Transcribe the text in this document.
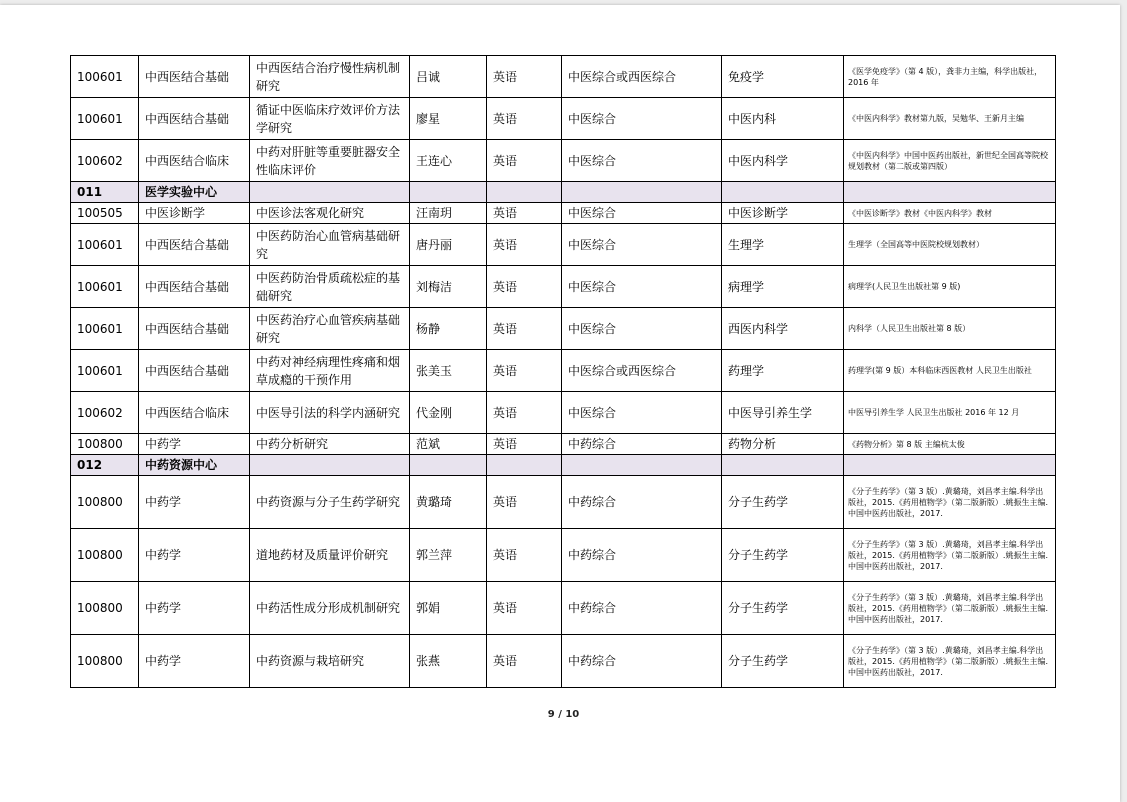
100601	中西医结合基础	中西医结合治疗慢性病机制研究	吕诚	英语	中医综合或西医综合	免疫学	《医学免疫学》（第 4 版），龚非力主编，科学出版社，2016 年
100601	中西医结合基础	循证中医临床疗效评价方法学研究	廖星	英语	中医综合	中医内科	《中医内科学》教材第九版，吴勉华、王新月主编
100602	中西医结合临床	中药对肝脏等重要脏器安全性临床评价	王连心	英语	中医综合	中医内科学	《中医内科学》中国中医药出版社，新世纪全国高等院校规划教材（第二版或第四版）
011	医学实验中心						
100505	中医诊断学	中医诊法客观化研究	汪南玥	英语	中医综合	中医诊断学	《中医诊断学》教材《中医内科学》教材
100601	中西医结合基础	中医药防治心血管病基础研究	唐丹丽	英语	中医综合	生理学	生理学（全国高等中医院校规划教材）
100601	中西医结合基础	中医药防治骨质疏松症的基础研究	刘梅洁	英语	中医综合	病理学	病理学(人民卫生出版社第 9 版)
100601	中西医结合基础	中医药治疗心血管疾病基础研究	杨静	英语	中医综合	西医内科学	内科学（人民卫生出版社第 8 版）
100601	中西医结合基础	中药对神经病理性疼痛和烟草成瘾的干预作用	张美玉	英语	中医综合或西医综合	药理学	药理学(第 9 版）本科临床西医教材 人民卫生出版社
100602	中西医结合临床	中医导引法的科学内涵研究	代金刚	英语	中医综合	中医导引养生学	中医导引养生学 人民卫生出版社 2016 年 12 月
100800	中药学	中药分析研究	范斌	英语	中药综合	药物分析	《药物分析》第 8 版 主编杭太俊
012	中药资源中心						
100800	中药学	中药资源与分子生药学研究	黄璐琦	英语	中药综合	分子生药学	《分子生药学》（第 3 版）.黄璐琦，刘昌孝主编.科学出版社，2015.《药用植物学》（第二版新版）.姚振生主编.中国中医药出版社，2017.
100800	中药学	道地药材及质量评价研究	郭兰萍	英语	中药综合	分子生药学	《分子生药学》（第 3 版）.黄璐琦，刘昌孝主编.科学出版社，2015.《药用植物学》（第二版新版）.姚振生主编.中国中医药出版社，2017.
100800	中药学	中药活性成分形成机制研究	郭娟	英语	中药综合	分子生药学	《分子生药学》（第 3 版）.黄璐琦，刘昌孝主编.科学出版社，2015.《药用植物学》（第二版新版）.姚振生主编.中国中医药出版社，2017.
100800	中药学	中药资源与栽培研究	张燕	英语	中药综合	分子生药学	《分子生药学》（第 3 版）.黄璐琦，刘昌孝主编.科学出版社，2015.《药用植物学》（第二版新版）.姚振生主编.中国中医药出版社，2017.
9 / 10
